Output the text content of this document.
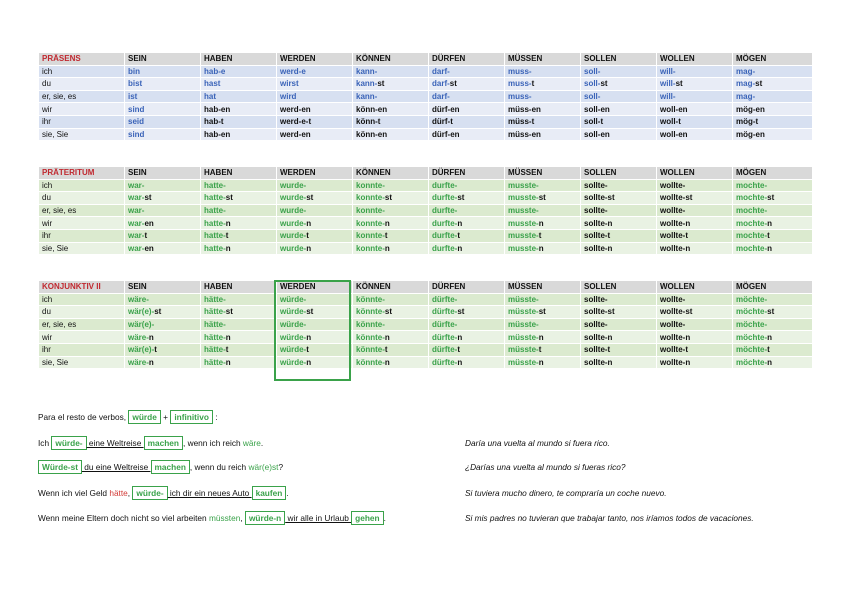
PRÄSENS	SEIN	HABEN	WERDEN	KÖNNEN	DÜRFEN	MÜSSEN	SOLLEN	WOLLEN	MÖGEN
ich	bin	hab-e	werd-e	kann-	darf-	muss-	soll-	will-	mag-
du	bist	hast	wirst	kann-st	darf-st	muss-t	soll-st	will-st	mag-st
er, sie, es	ist	hat	wird	kann-	darf-	muss-	soll-	will-	mag-
wir	sind	hab-en	werd-en	könn-en	dürf-en	müss-en	soll-en	woll-en	mög-en
ihr	seid	hab-t	werd-e-t	könn-t	dürf-t	müss-t	soll-t	woll-t	mög-t
sie, Sie	sind	hab-en	werd-en	könn-en	dürf-en	müss-en	soll-en	woll-en	mög-en
PRÄTERITUM	SEIN	HABEN	WERDEN	KÖNNEN	DÜRFEN	MÜSSEN	SOLLEN	WOLLEN	MÖGEN
ich	war-	hatte-	wurde-	konnte-	durfte-	musste-	sollte-	wollte-	mochte-
du	war-st	hatte-st	wurde-st	konnte-st	durfte-st	musste-st	sollte-st	wollte-st	mochte-st
er, sie, es	war-	hatte-	wurde-	konnte-	durfte-	musste-	sollte-	wollte-	mochte-
wir	war-en	hatte-n	wurde-n	konnte-n	durfte-n	musste-n	sollte-n	wollte-n	mochte-n
ihr	war-t	hatte-t	wurde-t	konnte-t	durfte-t	musste-t	sollte-t	wollte-t	mochte-t
sie, Sie	war-en	hatte-n	wurde-n	konnte-n	durfte-n	musste-n	sollte-n	wollte-n	mochte-n
KONJUNKTIV II	SEIN	HABEN	WERDEN	KÖNNEN	DÜRFEN	MÜSSEN	SOLLEN	WOLLEN	MÖGEN
ich	wäre-	hätte-	würde-	könnte-	dürfte-	müsste-	sollte-	wollte-	möchte-
du	wär(e)-st	hätte-st	würde-st	könnte-st	dürfte-st	müsste-st	sollte-st	wollte-st	möchte-st
er, sie, es	wär(e)-	hätte-	würde-	könnte-	dürfte-	müsste-	sollte-	wollte-	möchte-
wir	wäre-n	hätte-n	würde-n	könnte-n	dürfte-n	müsste-n	sollte-n	wollte-n	möchte-n
ihr	wär(e)-t	hätte-t	würde-t	könnte-t	dürfte-t	müsste-t	sollte-t	wollte-t	möchte-t
sie, Sie	wäre-n	hätte-n	würde-n	könnte-n	dürfte-n	müsste-n	sollte-n	wollte-n	möchte-n
Para el resto de verbos, würde + infinitivo :
Ich würde- eine Weltreise machen , wenn ich reich wäre.	Daría una vuelta al mundo si fuera rico.
Würde-st du eine Weltreise machen , wenn du reich wär(e)st?	¿Darías una vuelta al mundo si fueras rico?
Wenn ich viel Geld hätte, würde- ich dir ein neues Auto kaufen .	Si tuviera mucho dinero, te compraría un coche nuevo.
Wenn meine Eltern doch nicht so viel arbeiten müssten, würde-n wir alle in Urlaub gehen .	Si mis padres no tuvieran que trabajar tanto, nos iríamos todos de vacaciones.
